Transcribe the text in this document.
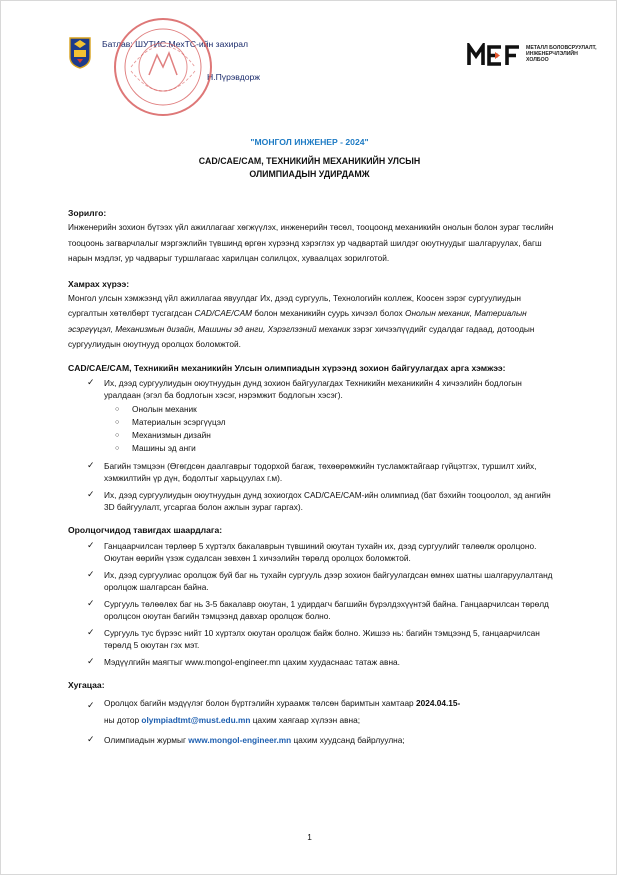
Батлав: ШУТИС.МехТС-ийн захирал
Н.Пүрэвдорж
МЕТАЛЛ БОЛОВСРУУЛАЛТ,
ИНЖЕНЕРЧЛЭЛИЙН
ХОЛБОО
"МОНГОЛ ИНЖЕНЕР - 2024"
CAD/CAE/CAM, ТЕХНИКИЙН МЕХАНИКИЙН УЛСЫН
ОЛИМПИАДЫН УДИРДАМЖ
Зорилго:

Инженерийн зохион бүтээх үйл ажиллагааг хөгжүүлэх, инженерийн төсөл, тооцоонд механикийн онолын болон зураг төслийн тооцоонь загварчлалыг мэргэжлийн түвшинд өргөн хүрээнд хэрэглэх ур чадвартай шилдэг оюутнуудыг шалгаруулах, багш нарын мэдлэг, ур чадварыг туршлагаас харилцан солилцох, хуваалцах зорилготой.

Хамрах хүрээ:

Монгол улсын хэмжээнд үйл ажиллагаа явуулдаг Их, дээд сургууль, Технологийн коллеж, Коосен зэрэг сургуулиудын сургалтын хөтөлбөрт тусгагдсан CAD/CAE/CAM болон механикийн суурь хичээл болох Онолын механик, Материалын эсэргүүцэл, Механизмын дизайн, Машины эд анги, Хэрэглээний механик зэрэг хичээлүүдийг судалдаг гадаад, дотоодын сургуулиудын оюутнууд оролцох боломжтой.

CAD/CAE/CAM, Техникийн механикийн Улсын олимпиадын хүрээнд зохион байгуулагдах арга хэмжээ:
✓ Их, дээд сургуулиудын оюутнуудын дунд зохион байгуулагдах Техникийн механикийн 4 хичээлийн бодлогын уралдаан (эгэл ба бодлогын хэсэг, нэрэмжит бодлогын хэсэг).
○ Онолын механик
○ Материалын эсэргүүцэл
○ Механизмын дизайн
○ Машины эд анги
✓ Багийн тэмцээн (Өгөгдсөн даалгаврыг тодорхой багаж, төхөөрөмжийн тусламжтайгаар гүйцэтгэх, туршилт хийх, хэмжилтийн үр дүн, бодолтыг харьцуулах г.м).
✓ Их, дээд сургуулиудын оюутнуудын дунд зохиогдох CAD/CAE/CAM-ийн олимпиад (бат бэхийн тооцоолол, эд ангийн 3D байгуулалт, угсаргаа болон ажлын зураг гаргах).
Оролцогчидод тавигдах шаардлага:
✓ Ганцаарчилсан төрлөөр 5 хүртэлх бакалаврын түвшиний оюутан тухайн их, дээд сургуулийг төлөөлж оролцоно. Оюутан өөрийн үзэж судалсан зөвхөн 1 хичээлийн төрөлд оролцох боломжтой.
✓ Их, дээд сургуулиас оролцож буй баг нь тухайн сургууль дээр зохион байгуулагдсан өмнөх шатны шалгаруулалтанд оролцож шалгарсан байна.
✓ Сургууль төлөөлөх баг нь 3-5 бакалавр оюутан, 1 удирдагч багшийн бүрэлдэхүүнтэй байна. Ганцаарчилсан төрөлд оролцсон оюутан багийн тэмцээнд давхар оролцож болно.
✓ Сургууль тус бүрээс нийт 10 хүртэлх оюутан оролцож байж болно. Жишээ нь: багийн тэмцээнд 5, ганцаарчилсан төрөлд 5 оюутан гэх мэт.
✓ Мэдүүлгийн маягтыг www.mongol-engineer.mn цахим хуудаснаас татаж авна.
Хугацаа:
✓ Оролцох багийн мэдүүлэг болон бүртгэлийн хураамж төлсөн баримтын хамтаар 2024.04.15-
ны дотор olympiadtmt@must.edu.mn цахим хаягаар хүлээн авна;
✓ Олимпиадын журмыг www.mongol-engineer.mn цахим хуудсанд байрлуулна;
1
